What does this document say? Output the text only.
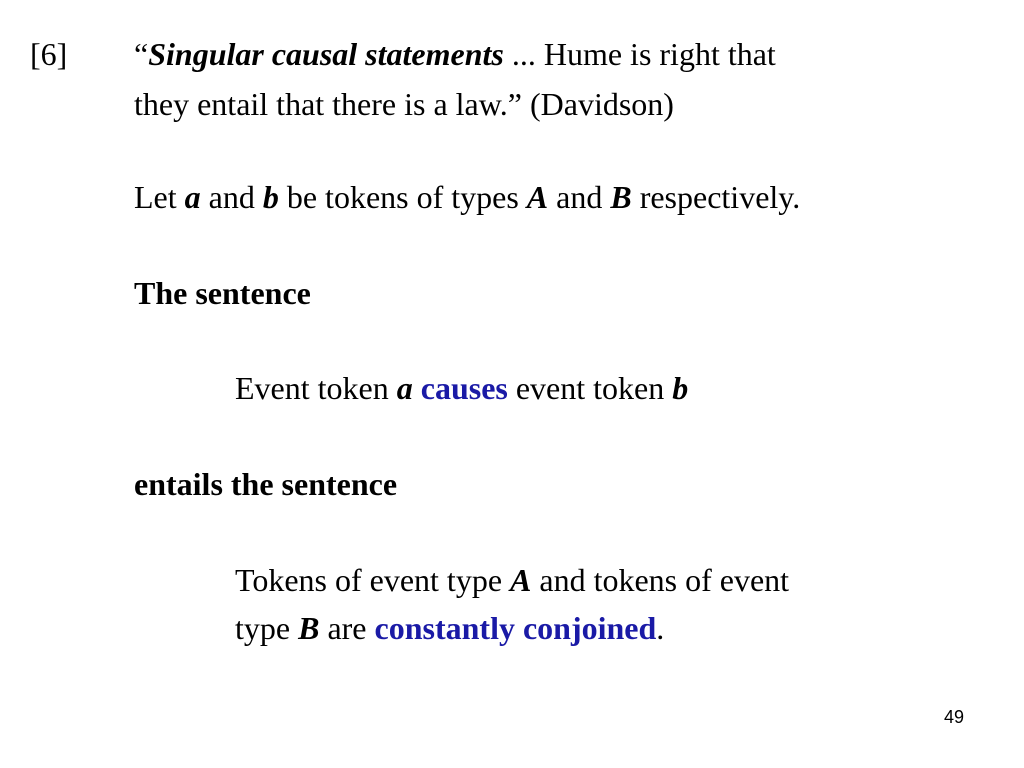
[6] “Singular causal statements ... Hume is right that
they entail that there is a law.” (Davidson)
Let a and b be tokens of types A and B respectively.
The sentence
Event token a causes event token b
entails the sentence
Tokens of event type A and tokens of event
type B are constantly conjoined.
49
